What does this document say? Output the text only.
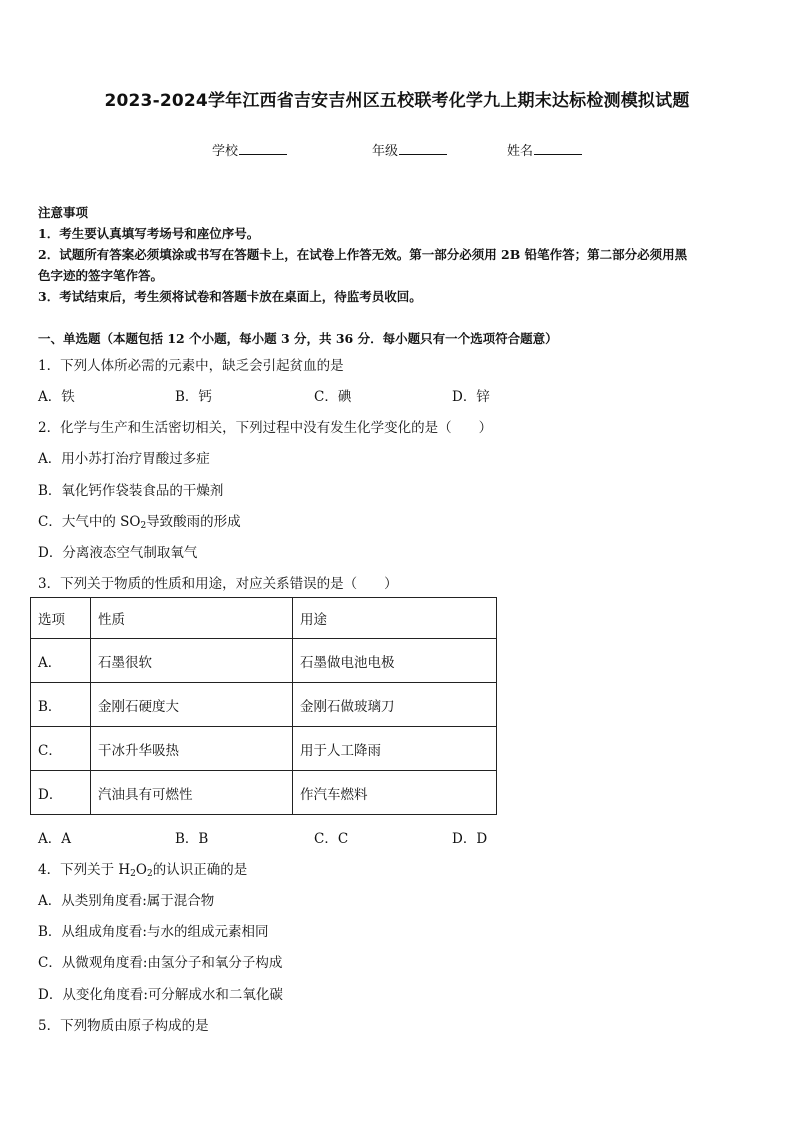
2023-2024学年江西省吉安吉州区五校联考化学九上期末达标检测模拟试题
学校	年级	姓名
注意事项
1．考生要认真填写考场号和座位序号。
2．试题所有答案必须填涂或书写在答题卡上，在试卷上作答无效。第一部分必须用 2B 铅笔作答；第二部分必须用黑
色字迹的签字笔作答。
3．考试结束后，考生须将试卷和答题卡放在桌面上，待监考员收回。
一、单选题（本题包括 12 个小题，每小题 3 分，共 36 分．每小题只有一个选项符合题意）
1．下列人体所必需的元素中，缺乏会引起贫血的是
A．铁	B．钙	C．碘	D．锌
2．化学与生产和生活密切相关，下列过程中没有发生化学变化的是（　　）
A．用小苏打治疗胃酸过多症
B．氧化钙作袋装食品的干燥剂
C．大气中的 $SO_2$导致酸雨的形成
D．分离液态空气制取氧气
3．下列关于物质的性质和用途，对应关系错误的是（　　）
选项	性质	用途
A．	石墨很软	石墨做电池电极
B．	金刚石硬度大	金刚石做玻璃刀
C．	干冰升华吸热	用于人工降雨
D．	汽油具有可燃性	作汽车燃料
A．A	B．B	C．C	D．D
4．下列关于 $H_2O_2$的认识正确的是
A．从类别角度看:属于混合物
B．从组成角度看:与水的组成元素相同
C．从微观角度看:由氢分子和氧分子构成
D．从变化角度看:可分解成水和二氧化碳
5．下列物质由原子构成的是
